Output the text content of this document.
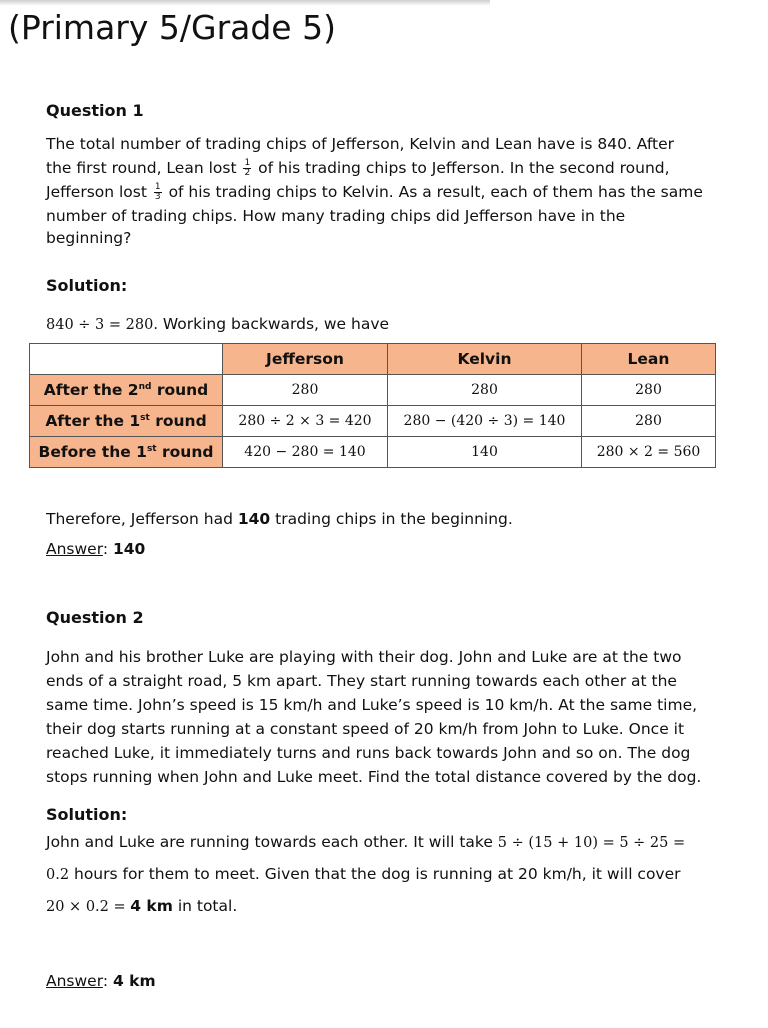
(Primary 5/Grade 5)
Question 1

The total number of trading chips of Jefferson, Kelvin and Lean have is 840. After

the first round, Lean lost $\frac{1}{2}$ of his trading chips to Jefferson. In the second round,

Jefferson lost $\frac{1}{3}$ of his trading chips to Kelvin. As a result, each of them has the same

number of trading chips. How many trading chips did Jefferson have in the

beginning?

Solution:
840 ÷ 3 = 280. Working backwards, we have
	Jefferson	Kelvin	Lean
After the 2nd round	280	280	280
After the 1st round	280 ÷ 2 × 3 = 420	280 − (420 ÷ 3) = 140	280
Before the 1st round	420 − 280 = 140	140	280 × 2 = 560
Therefore, Jefferson had 140 trading chips in the beginning.
Answer: 140
Question 2

John and his brother Luke are playing with their dog. John and Luke are at the two

ends of a straight road, 5 km apart. They start running towards each other at the

same time. John’s speed is 15 km/h and Luke’s speed is 10 km/h. At the same time,

their dog starts running at a constant speed of 20 km/h from John to Luke. Once it

reached Luke, it immediately turns and runs back towards John and so on. The dog

stops running when John and Luke meet. Find the total distance covered by the dog.

Solution:

John and Luke are running towards each other. It will take 5 ÷ (15 + 10) = 5 ÷ 25 =

0.2 hours for them to meet. Given that the dog is running at 20 km/h, it will cover

20 × 0.2 = 4 km in total.

Answer: 4 km
